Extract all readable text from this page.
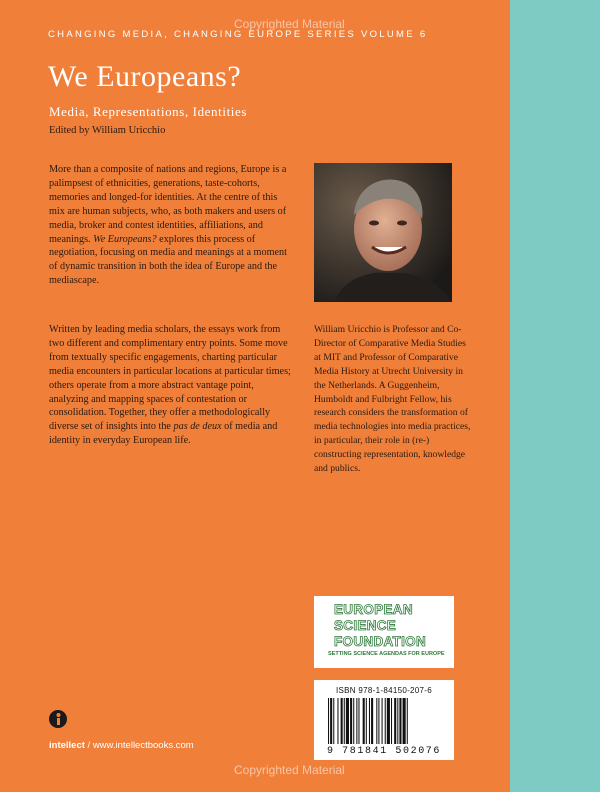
Copyrighted Material
CHANGING MEDIA, CHANGING EUROPE SERIES VOLUME 6
We Europeans?
Media, Representations, Identities
Edited by William Uricchio

More than a composite of nations and regions, Europe is a palimpsest of ethnicities, generations, taste-cohorts, memories and longed-for identities. At the centre of this mix are human subjects, who, as both makers and users of media, broker and contest identities, affiliations, and meanings. We Europeans? explores this process of negotiation, focusing on media and meanings at a moment of dynamic transition in both the idea of Europe and the mediascape.

Written by leading media scholars, the essays work from two different and complimentary entry points. Some move from textually specific engagements, charting particular media encounters in particular locations at particular times; others operate from a more abstract vantage point, analyzing and mapping spaces of contestation or consolidation. Together, they offer a methodologically diverse set of insights into the pas de deux of media and identity in everyday European life.

William Uricchio is Professor and Co-Director of Comparative Media Studies at MIT and Professor of Comparative Media History at Utrecht University in the Netherlands. A Guggenheim, Humboldt and Fulbright Fellow, his research considers the transformation of media technologies into media practices, in particular, their role in (re-) constructing representation, knowledge and publics.

EUROPEAN
SCIENCE
FOUNDATION
SETTING SCIENCE AGENDAS FOR EUROPE
ISBN 978-1-84150-207-6
9 781841 502076
intellect / www.intellectbooks.com
Copyrighted Material
